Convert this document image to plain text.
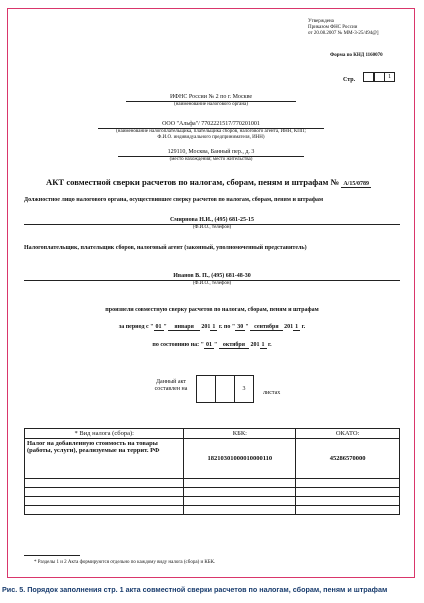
Утверждена
Приказом ФНС России
от 20.08.2007 № ММ-3-25/494@]
Форма по КНД 1160070
Стр.	1
ИФНС России № 2 по г. Москве
(наименование налогового органа)
ООО "Альфа"/ 7702221517/770201001
(наименование налогоплательщика, плательщика сборов, налогового агента, ИНН, КПП;
Ф.И.О. индивидуального предпринимателя, ИНН)
129110, Москва, Банный пер., д. 3
(место нахождения; место жительства)
АКТ совместной сверки расчетов по налогам, сборам, пеням и штрафам № А/15/0789
Должностное лицо налогового органа, осуществившее сверку расчетов по налогам, сборам, пеням и штрафам
Смирнова Н.И., (495) 681-25-15
(Ф.И.О., телефон)
Налогоплательщик, плательщик сборов, налоговый агент (законный, уполномоченный представитель)
Иванов В. П., (495) 681-48-30
(Ф.И.О., телефон)
произвели совместную сверку расчетов по налогам, сборам, пеням и штрафам
за период с " 01 " января 201 1 г. по " 30 " сентября 201 1 г.
по состоянию на: " 01 " октября 201 1 г.
Данный акт
составлен на	3
листах
* Вид налога (сбора):	КБК:	ОКАТО:
Налог на добавленную стоимость на товары (работы, услуги), реализуемые на террит. РФ	18210301000010000110	45286570000

* Разделы 1 и 2 Акта формируются отдельно по каждому виду налога (сбора) и КБК.
Рис. 5. Порядок заполнения стр. 1 акта совместной сверки расчетов по налогам, сборам, пеням и штрафам
